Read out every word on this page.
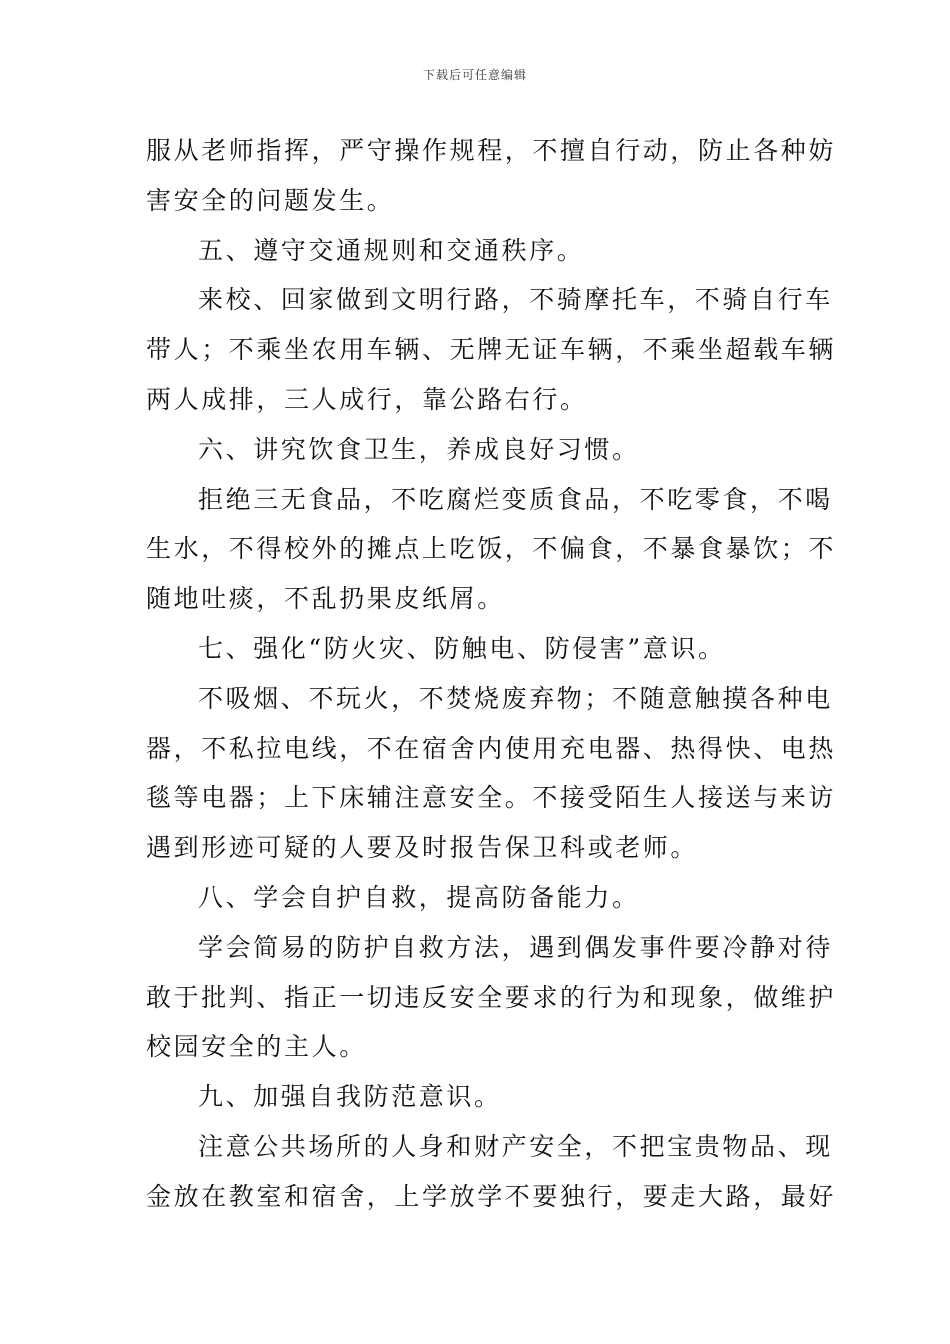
下载后可任意编辑
服从老师指挥，严守操作规程，不擅自行动，防止各种妨
害安全的问题发生。
五、遵守交通规则和交通秩序。
来校、回家做到文明行路，不骑摩托车，不骑自行车
带人；不乘坐农用车辆、无牌无证车辆，不乘坐超载车辆
两人成排，三人成行，靠公路右行。
六、讲究饮食卫生，养成良好习惯。
拒绝三无食品，不吃腐烂变质食品，不吃零食，不喝
生水，不得校外的摊点上吃饭，不偏食，不暴食暴饮；不
随地吐痰，不乱扔果皮纸屑。
七、强化“防火灾、防触电、防侵害”意识。
不吸烟、不玩火，不焚烧废弃物；不随意触摸各种电
器，不私拉电线，不在宿舍内使用充电器、热得快、电热
毯等电器；上下床辅注意安全。不接受陌生人接送与来访
遇到形迹可疑的人要及时报告保卫科或老师。
八、学会自护自救，提高防备能力。
学会简易的防护自救方法，遇到偶发事件要冷静对待
敢于批判、指正一切违反安全要求的行为和现象，做维护
校园安全的主人。
九、加强自我防范意识。
注意公共场所的人身和财产安全，不把宝贵物品、现
金放在教室和宿舍，上学放学不要独行，要走大路，最好
